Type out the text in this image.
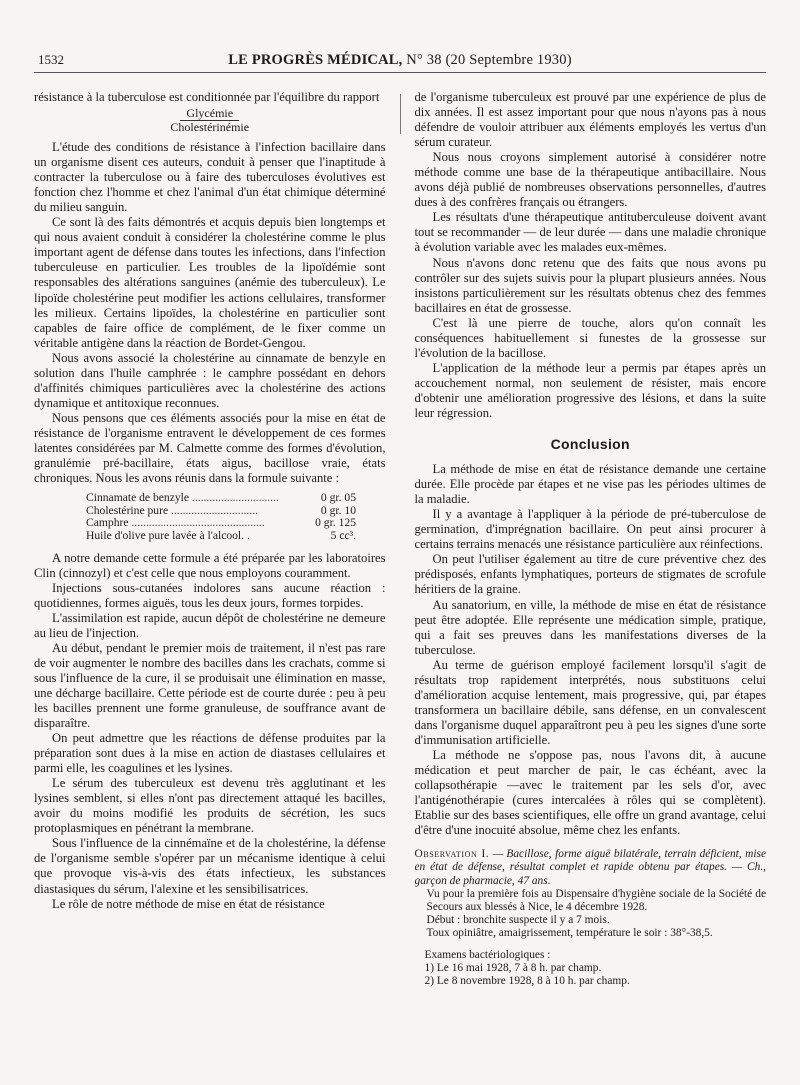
1532	LE PROGRÈS MÉDICAL, N° 38 (20 Septembre 1930)

résistance à la tuberculose est conditionnée par l'équilibre du rapport

Glycémie
Cholestérinémie

L'étude des conditions de résistance à l'infection bacillaire dans un organisme disent ces auteurs, conduit à penser que l'inaptitude à contracter la tuberculose ou à faire des tuberculoses évolutives est fonction chez l'homme et chez l'animal d'un état chimique déterminé du milieu sanguin.

Ce sont là des faits démontrés et acquis depuis bien longtemps et qui nous avaient conduit à considérer la cholestérine comme le plus important agent de défense dans toutes les infections, dans l'infection tuberculeuse en particulier. Les troubles de la lipoïdémie sont responsables des altérations sanguines (anémie des tuberculeux). Le lipoïde cholestérine peut modifier les actions cellulaires, transformer les milieux. Certains lipoïdes, la cholestérine en particulier sont capables de faire office de complément, de le fixer comme un véritable antigène dans la réaction de Bordet-Gengou.

Nous avons associé la cholestérine au cinnamate de benzyle en solution dans l'huile camphrée : le camphre possédant en dehors d'affinités chimiques particulières avec la cholestérine des actions dynamique et antitoxique reconnues.

Nous pensons que ces éléments associés pour la mise en état de résistance de l'organisme entravent le développement de ces formes latentes considérées par M. Calmette comme des formes d'évolution, granulémie pré-bacillaire, états aigus, bacillose vraie, états chroniques. Nous les avons réunis dans la formule suivante :

Cinnamate de benzyle ..............................	0 gr. 05
Cholestérine pure ..............................	0 gr. 10
Camphre ..............................................	0 gr. 125
Huile d'olive pure lavée à l'alcool. .	5 cc³.

A notre demande cette formule a été préparée par les laboratoires Clin (cinnozyl) et c'est celle que nous employons couramment.

Injections sous-cutanées indolores sans aucune réaction : quotidiennes, formes aiguës, tous les deux jours, formes torpides.

L'assimilation est rapide, aucun dépôt de cholestérine ne demeure au lieu de l'injection.

Au début, pendant le premier mois de traitement, il n'est pas rare de voir augmenter le nombre des bacilles dans les crachats, comme si sous l'influence de la cure, il se produisait une élimination en masse, une décharge bacillaire. Cette période est de courte durée : peu à peu les bacilles prennent une forme granuleuse, de souffrance avant de disparaître.

On peut admettre que les réactions de défense produites par la préparation sont dues à la mise en action de diastases cellulaires et parmi elle, les coagulines et les lysines.

Le sérum des tuberculeux est devenu très agglutinant et les lysines semblent, si elles n'ont pas directement attaqué les bacilles, avoir du moins modifié les produits de sécrétion, les sucs protoplasmiques en pénétrant la membrane.

Sous l'influence de la cinnémaïne et de la cholestérine, la défense de l'organisme semble s'opérer par un mécanisme identique à celui que provoque vis-à-vis des états infectieux, les substances diastasiques du sérum, l'alexine et les sensibilisatrices.

Le rôle de notre méthode de mise en état de résistance

de l'organisme tuberculeux est prouvé par une expérience de plus de dix années. Il est assez important pour que nous n'ayons pas à nous défendre de vouloir attribuer aux éléments employés les vertus d'un sérum curateur.

Nous nous croyons simplement autorisé à considérer notre méthode comme une base de la thérapeutique antibacillaire. Nous avons déjà publié de nombreuses observations personnelles, d'autres dues à des confrères français ou étrangers.

Les résultats d'une thérapeutique antituberculeuse doivent avant tout se recommander — de leur durée — dans une maladie chronique à évolution variable avec les malades eux-mêmes.

Nous n'avons donc retenu que des faits que nous avons pu contrôler sur des sujets suivis pour la plupart plusieurs années. Nous insistons particulièrement sur les résultats obtenus chez des femmes bacillaires en état de grossesse.

C'est là une pierre de touche, alors qu'on connaît les conséquences habituellement si funestes de la grossesse sur l'évolution de la bacillose.

L'application de la méthode leur a permis par étapes après un accouchement normal, non seulement de résister, mais encore d'obtenir une amélioration progressive des lésions, et dans la suite leur régression.

Conclusion

La méthode de mise en état de résistance demande une certaine durée. Elle procède par étapes et ne vise pas les périodes ultimes de la maladie.

Il y a avantage à l'appliquer à la période de pré-tuberculose de germination, d'imprégnation bacillaire. On peut ainsi procurer à certains terrains menacés une résistance particulière aux réinfections.

On peut l'utiliser également au titre de cure préventive chez des prédisposés, enfants lymphatiques, porteurs de stigmates de scrofule héritiers de la graine.

Au sanatorium, en ville, la méthode de mise en état de résistance peut être adoptée. Elle représente une médication simple, pratique, qui a fait ses preuves dans les manifestations diverses de la tuberculose.

Au terme de guérison employé facilement lorsqu'il s'agit de résultats trop rapidement interprétés, nous substituons celui d'amélioration acquise lentement, mais progressive, qui, par étapes transformera un bacillaire débile, sans défense, en un convalescent dans l'organisme duquel apparaîtront peu à peu les signes d'une sorte d'immunisation artificielle.

La méthode ne s'oppose pas, nous l'avons dit, à aucune médication et peut marcher de pair, le cas échéant, avec la collapsothérapie —avec le traitement par les sels d'or, avec l'antigénothérapie (cures intercalées à rôles qui se complètent). Etablie sur des bases scientifiques, elle offre un grand avantage, celui d'être d'une inocuité absolue, même chez les enfants.

Observation I. — Bacillose, forme aiguë bilatérale, terrain déficient, mise en état de défense, résultat complet et rapide obtenu par étapes. — Ch., garçon de pharmacie, 47 ans.

Vu pour la première fois au Dispensaire d'hygiène sociale de la Société de Secours aux blessés à Nice, le 4 décembre 1928.

Début : bronchite suspecte il y a 7 mois.

Toux opiniâtre, amaigrissement, température le soir : 38°-38,5.

Examens bactériologiques :

1) Le 16 mai 1928, 7 à 8 h. par champ.

2) Le 8 novembre 1928, 8 à 10 h. par champ.
